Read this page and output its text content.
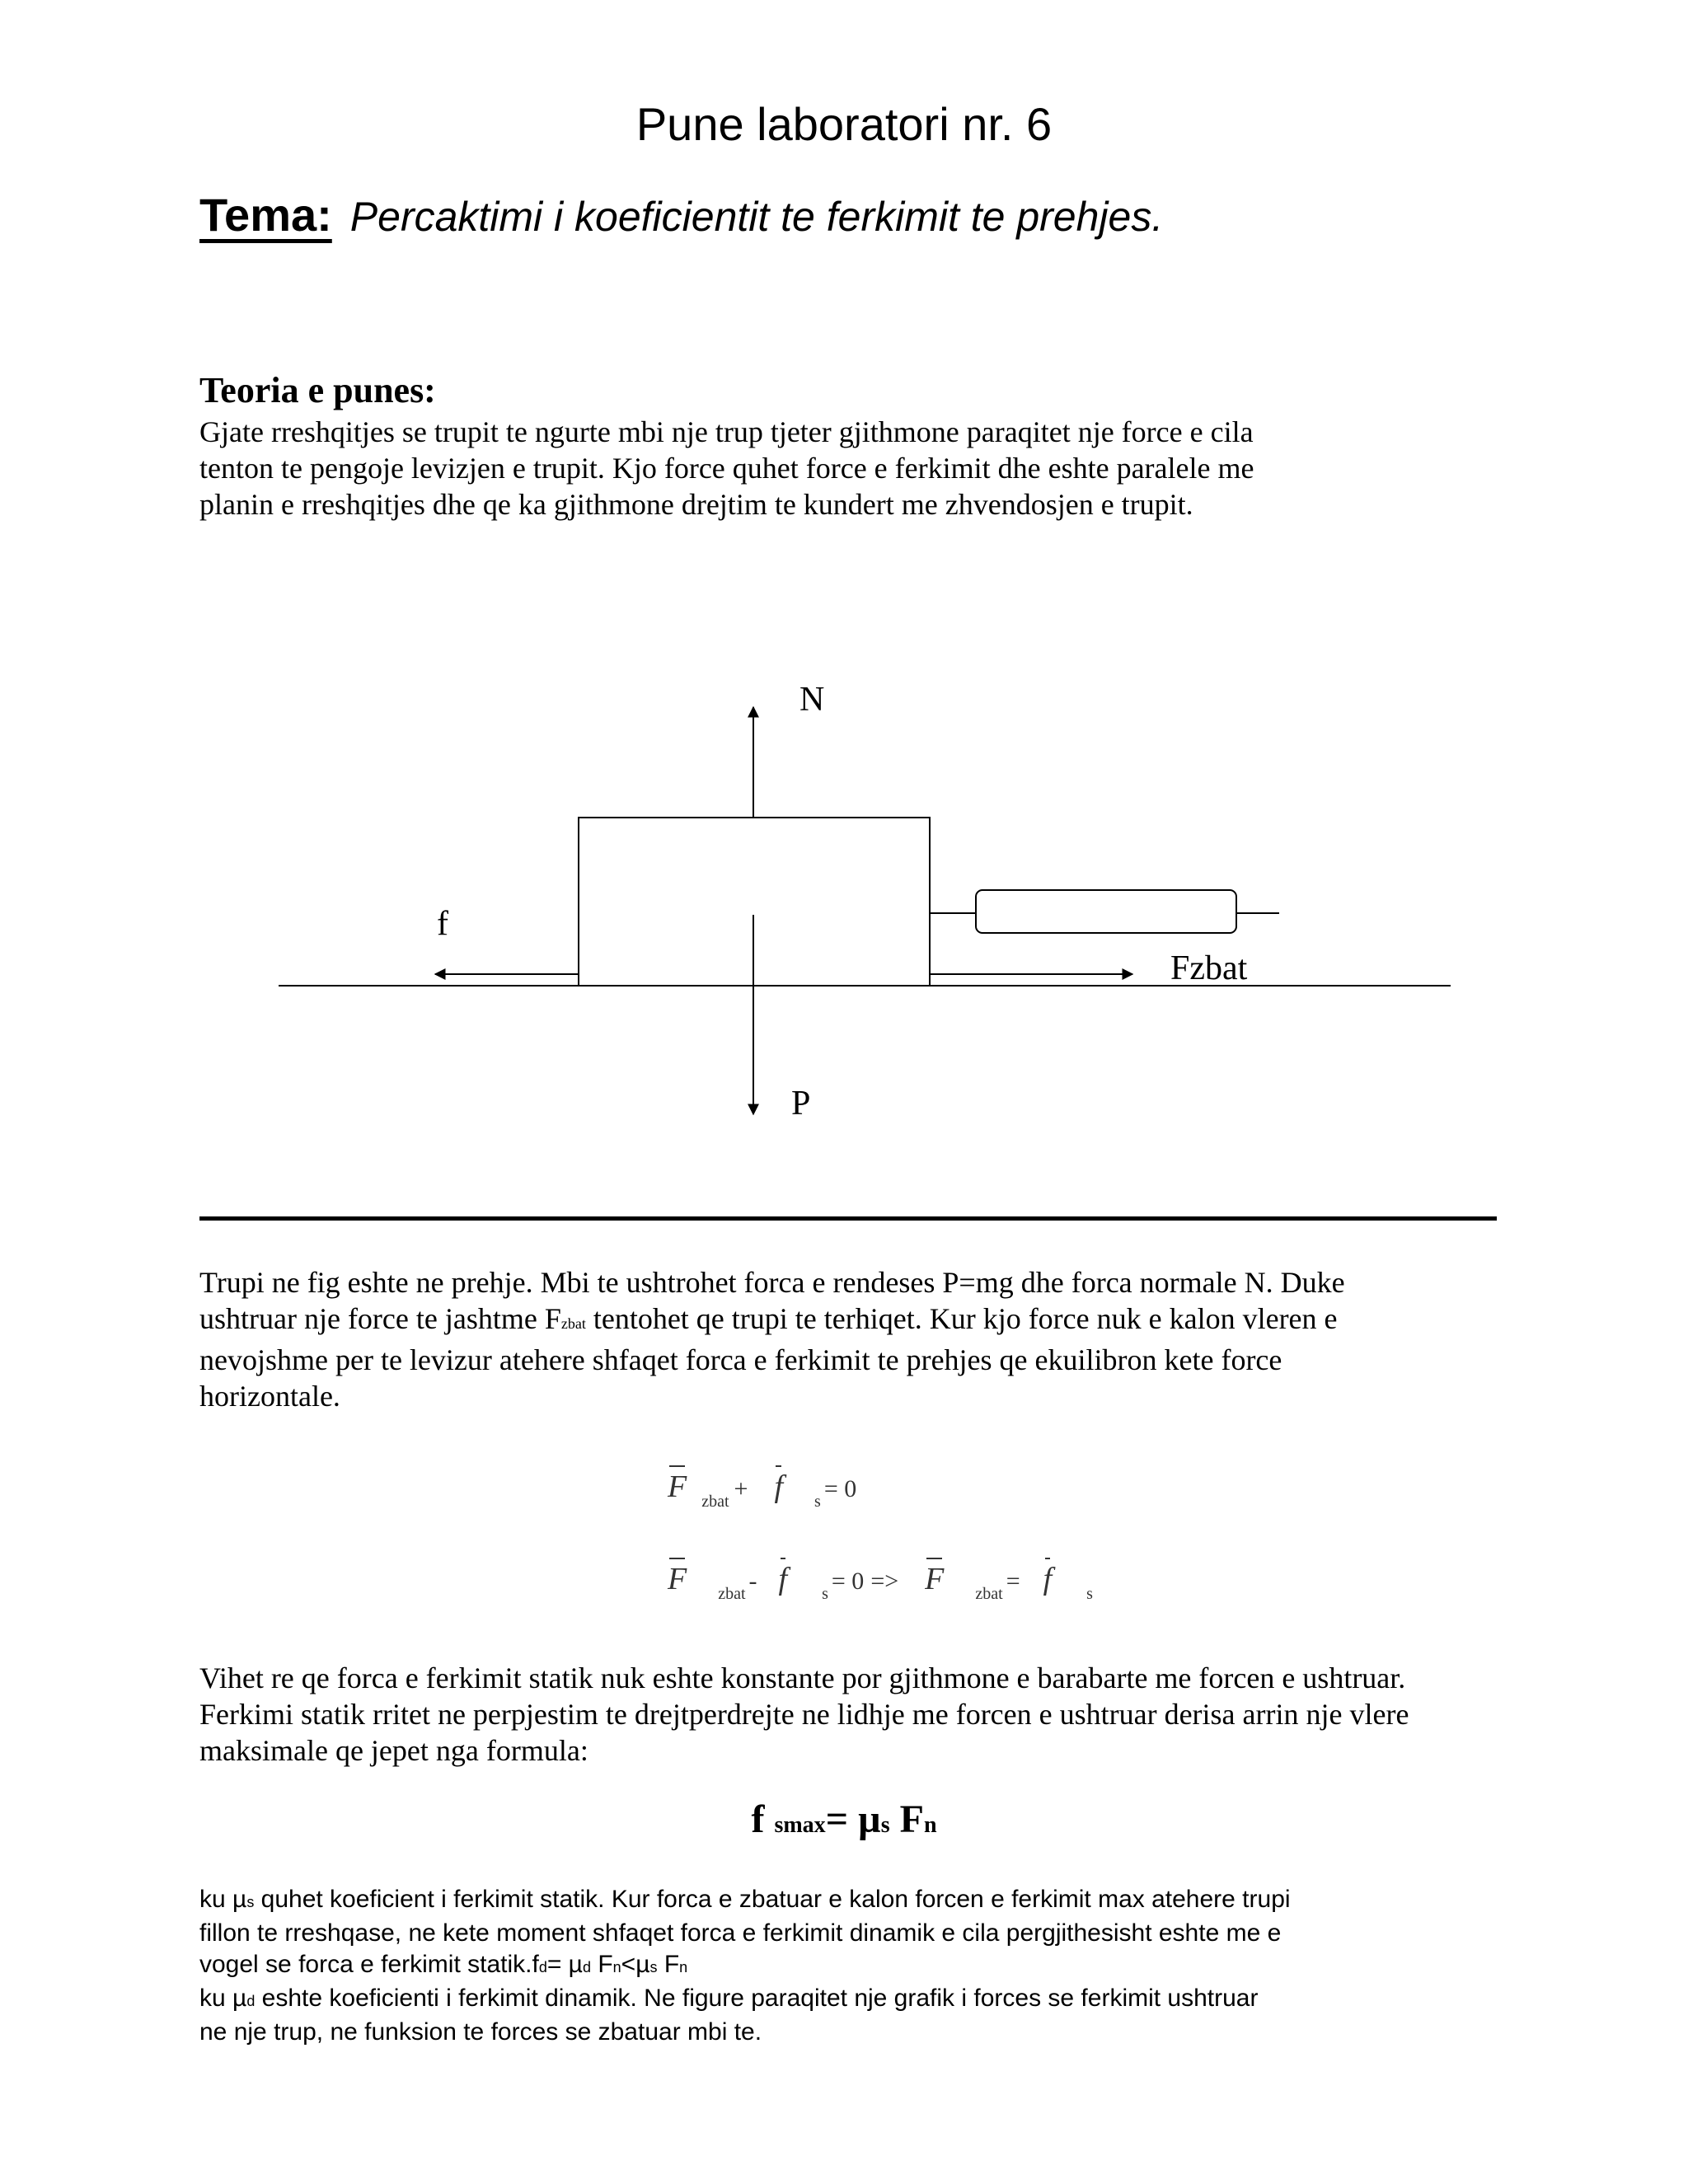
Pune laboratori nr. 6
Tema: Percaktimi i koeficientit te ferkimit te prehjes.
Teoria e punes:
Gjate rreshqitjes se trupit te ngurte mbi nje trup tjeter gjithmone paraqitet nje force e cila
tenton te pengoje levizjen e trupit. Kjo force quhet force e ferkimit dhe eshte paralele me
planin e rreshqitjes dhe qe ka gjithmone drejtim te kundert me zhvendosjen e trupit.
N
P
f
Fzbat
Trupi ne fig eshte ne prehje. Mbi te ushtrohet forca e rendeses P=mg dhe forca normale N. Duke
ushtruar nje force te jashtme Fzbat tentohet qe trupi te terhiqet. Kur kjo force nuk e kalon vleren e
nevojshme per te levizur atehere shfaqet forca e ferkimit te prehjes qe ekuilibron kete force
horizontale.
F zbat + f s = 0
F zbat - f s = 0 => F zbat = f s
Vihet re qe forca e ferkimit statik nuk eshte konstante por gjithmone e barabarte me forcen e ushtruar.
Ferkimi statik rritet ne perpjestim te drejtperdrejte ne lidhje me forcen e ushtruar derisa arrin nje vlere
maksimale qe jepet nga formula:
f smax= µs Fn
ku µs quhet koeficient i ferkimit statik. Kur forca e zbatuar e kalon forcen e ferkimit max atehere trupi
fillon te rreshqase, ne kete moment shfaqet forca e ferkimit dinamik e cila pergjithesisht eshte me e
vogel se forca e ferkimit statik.fd= µd Fn<µs Fn
ku µd eshte koeficienti i ferkimit dinamik. Ne figure paraqitet nje grafik i forces se ferkimit ushtruar
ne nje trup, ne funksion te forces se zbatuar mbi te.
